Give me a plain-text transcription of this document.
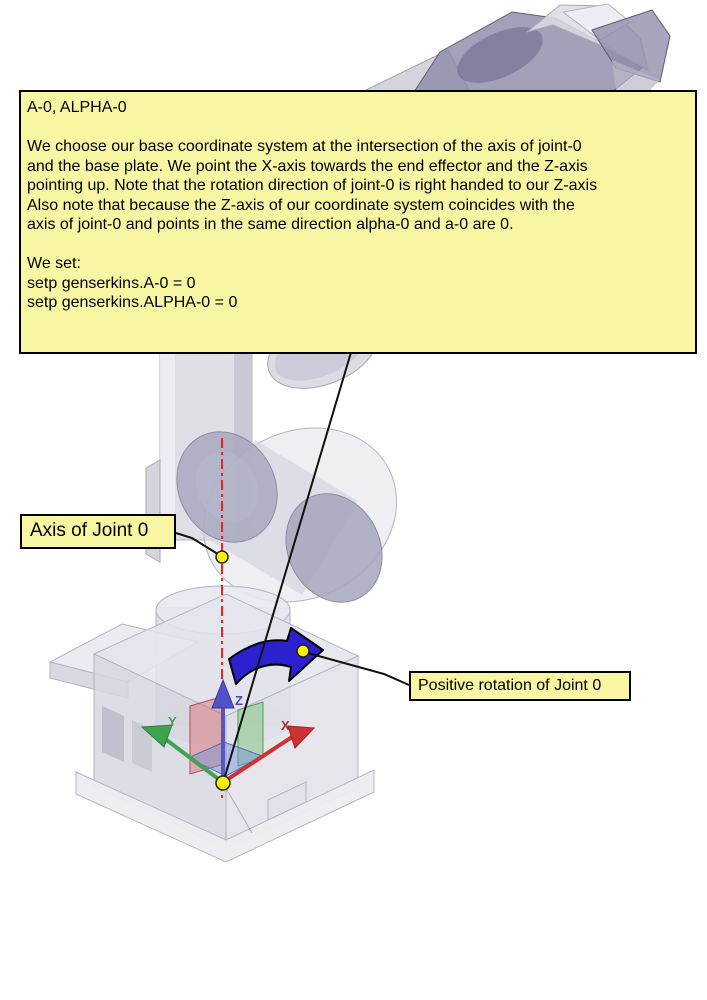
Y	X
Z
A-0, ALPHA-0

We choose our base coordinate system at the intersection of the axis of joint-0
and the base plate. We point the X-axis towards the end effector and the Z-axis
pointing up. Note that the rotation direction of joint-0 is right handed to our Z-axis
Also note that because the Z-axis of our coordinate system coincides with the
axis of joint-0 and points in the same direction alpha-0 and a-0 are 0.

We set:
setp genserkins.A-0 = 0
setp genserkins.ALPHA-0 = 0
Axis of Joint 0
Positive rotation of Joint 0
